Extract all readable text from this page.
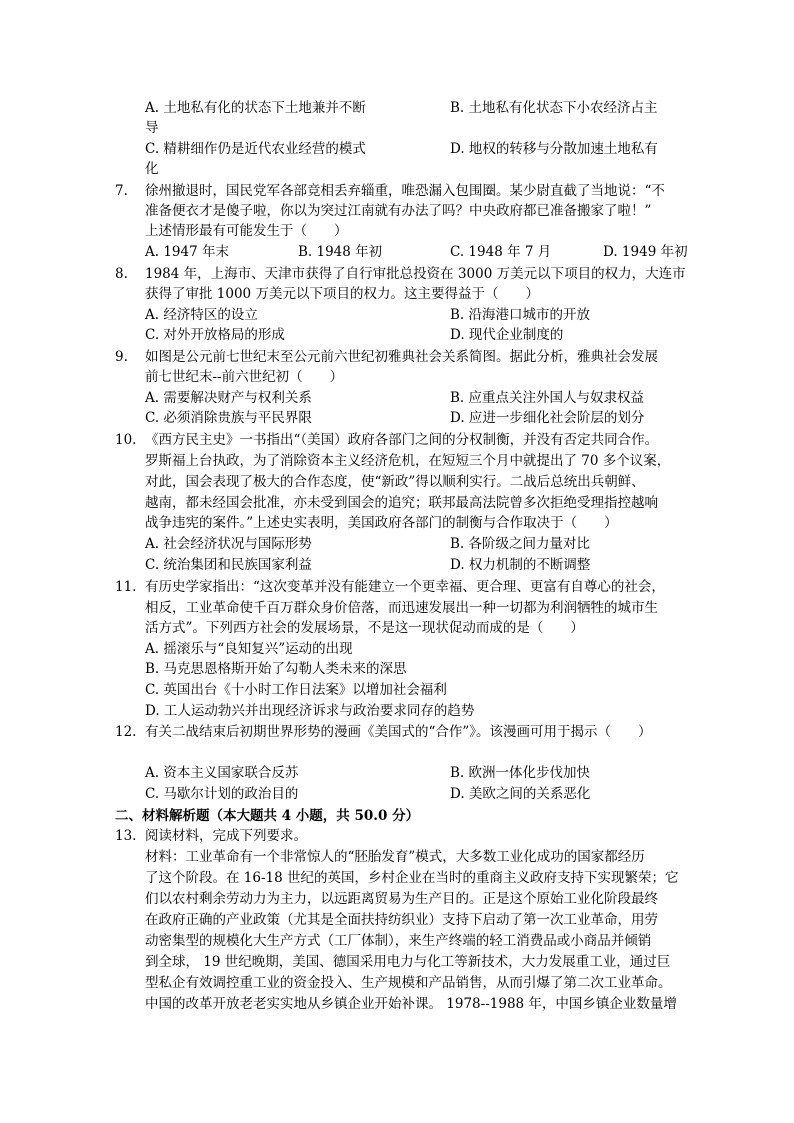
A. 土地私有化的状态下土地兼并不断	B. 土地私有化状态下小农经济占主
导
C. 精耕细作仍是近代农业经营的模式	D. 地权的转移与分散加速土地私有
化
7. 徐州撤退时，国民党军各部竞相丢弃辎重，唯恐漏入包围圈。某少尉直截了当地说：“不
准备便衣才是傻子啦，你以为突过江南就有办法了吗？中央政府都已准备搬家了啦！”
上述情形最有可能发生于（　　）
A. 1947 年末	B. 1948 年初	C. 1948 年 7 月	D. 1949 年初
8. 1984 年，上海市、天津市获得了自行审批总投资在 3000 万美元以下项目的权力，大连市
获得了审批 1000 万美元以下项目的权力。这主要得益于（　　）
A. 经济特区的设立	B. 沿海港口城市的开放
C. 对外开放格局的形成	D. 现代企业制度的
9. 如图是公元前七世纪末至公元前六世纪初雅典社会关系简图。据此分析，雅典社会发展
前七世纪末--前六世纪初（　　）
A. 需要解决财产与权利关系	B. 应重点关注外国人与奴隶权益
C. 必须消除贵族与平民界限	D. 应进一步细化社会阶层的划分
10. 《西方民主史》一书指出“（美国）政府各部门之间的分权制衡，并没有否定共同合作。
罗斯福上台执政，为了消除资本主义经济危机，在短短三个月中就提出了 70 多个议案，
对此，国会表现了极大的合作态度，使“新政”得以顺利实行。二战后总统出兵朝鲜、
越南，都未经国会批准，亦未受到国会的追究；联邦最高法院曾多次拒绝受理指控越响
战争违宪的案件。”上述史实表明，美国政府各部门的制衡与合作取决于（　　）
A. 社会经济状况与国际形势	B. 各阶级之间力量对比
C. 统治集团和民族国家利益	D. 权力机制的不断调整
11. 有历史学家指出：“这次变革并没有能建立一个更幸福、更合理、更富有自尊心的社会，
相反，工业革命使千百万群众身价倍落，而迅速发展出一种一切都为利润牺牲的城市生
活方式”。下列西方社会的发展场景，不是这一现状促动而成的是（　　）
A. 摇滚乐与“良知复兴”运动的出现
B. 马克思恩格斯开始了勾勒人类未来的深思
C. 英国出台《十小时工作日法案》以增加社会福利
D. 工人运动勃兴并出现经济诉求与政治要求同存的趋势
12. 有关二战结束后初期世界形势的漫画《美国式的“合作”》。该漫画可用于揭示（　　）
A. 资本主义国家联合反苏	B. 欧洲一体化步伐加快
C. 马歇尔计划的政治目的	D. 美欧之间的关系恶化
二、材料解析题（本大题共 4 小题，共 50.0 分）
13. 阅读材料，完成下列要求。
材料：工业革命有一个非常惊人的“胚胎发育”模式，大多数工业化成功的国家都经历
了这个阶段。在 16-18 世纪的英国，乡村企业在当时的重商主义政府支持下实现繁荣；它
们以农村剩余劳动力为主力，以远距离贸易为生产目的。正是这个原始工业化阶段最终
在政府正确的产业政策（尤其是全面扶持纺织业）支持下启动了第一次工业革命，用劳
动密集型的规模化大生产方式（工厂体制），来生产终端的轻工消费品或小商品并倾销
到全球， 19 世纪晚期，美国、德国采用电力与化工等新技术，大力发展重工业，通过巨
型私企有效调控重工业的资金投入、生产规模和产品销售，从而引爆了第二次工业革命。
中国的改革开放老老实实地从乡镇企业开始补课。 1978--1988 年，中国乡镇企业数量增
